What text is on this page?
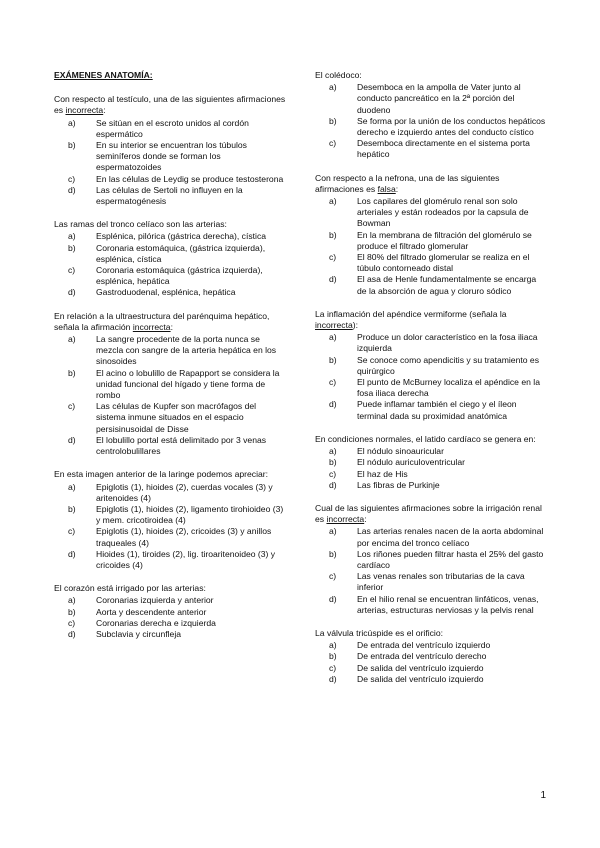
EXÁMENES ANATOMÍA:

Con respecto al testículo, una de las siguientes afirmaciones es incorrecta:

a)	Se sitúan en el escroto unidos al cordón espermático
b)	En su interior se encuentran los túbulos seminíferos donde se forman los espermatozoides
c)	En las células de Leydig se produce testosterona
d)	Las células de Sertoli no influyen en la espermatogénesis

Las ramas del tronco celíaco son las arterias:

a)	Esplénica, pilórica (gástrica derecha), cística
b)	Coronaria estomáquica, (gástrica izquierda), esplénica, cística
c)	Coronaria estomáquica (gástrica izquierda), esplénica, hepática
d)	Gastroduodenal, esplénica, hepática

En relación a la ultraestructura del parénquima hepático, señala la afirmación incorrecta:

a)	La sangre procedente de la porta nunca se mezcla con sangre de la arteria hepática en los sinosoides
b)	El acino o lobulillo de Rapapport se considera la unidad funcional del hígado y tiene forma de rombo
c)	Las células de Kupfer son macrófagos del sistema inmune situados en el espacio persisinusoidal de Disse
d)	El lobulillo portal está delimitado por 3 venas centrolobulillares

En esta imagen anterior de la laringe podemos apreciar:

a)	Epiglotis (1), hioides (2), cuerdas vocales (3) y aritenoides (4)
b)	Epiglotis (1), hioides (2), ligamento tirohioideo (3) y mem. cricotiroidea (4)
c)	Epiglotis (1), hioides (2), cricoides (3) y anillos traqueales (4)
d)	Hioides (1), tiroides (2), lig. tiroaritenoideo (3) y cricoides (4)

El corazón está irrigado por las arterias:

a)	Coronarias izquierda y anterior
b)	Aorta y descendente anterior
c)	Coronarias derecha e izquierda
d)	Subclavia y circunfleja

El colédoco:

a)	Desemboca en la ampolla de Vater junto al conducto pancreático en la 2ª porción del duodeno
b)	Se forma por la unión de los conductos hepáticos derecho e izquierdo antes del conducto cístico
c)	Desemboca directamente en el sistema porta hepático

Con respecto a la nefrona, una de las siguientes afirmaciones es falsa:

a)	Los capilares del glomérulo renal son solo arteriales y están rodeados por la capsula de Bowman
b)	En la membrana de filtración del glomérulo se produce el filtrado glomerular
c)	El 80% del filtrado glomerular se realiza en el túbulo contorneado distal
d)	El asa de Henle fundamentalmente se encarga de la absorción de agua y cloruro sódico

La inflamación del apéndice vermiforme (señala la incorrecta):

a)	Produce un dolor característico en la fosa iliaca izquierda
b)	Se conoce como apendicitis y su tratamiento es quirúrgico
c)	El punto de McBurney localiza el apéndice en la fosa iliaca derecha
d)	Puede inflamar también el ciego y el íleon terminal dada su proximidad anatómica

En condiciones normales, el latido cardíaco se genera en:

a)	El nódulo sinoauricular
b)	El nódulo auriculoventricular
c)	El haz de His
d)	Las fibras de Purkinje

Cual de las siguientes afirmaciones sobre la irrigación renal es incorrecta:

a)	Las arterias renales nacen de la aorta abdominal por encima del tronco celíaco
b)	Los riñones pueden filtrar hasta el 25% del gasto cardíaco
c)	Las venas renales son tributarias de la cava inferior
d)	En el hilio renal se encuentran linfáticos, venas, arterias, estructuras nerviosas y la pelvis renal

La válvula tricúspide es el orificio:

a)	De entrada del ventrículo izquierdo
b)	De entrada del ventrículo derecho
c)	De salida del ventrículo izquierdo
d)	De salida del ventrículo izquierdo
1
